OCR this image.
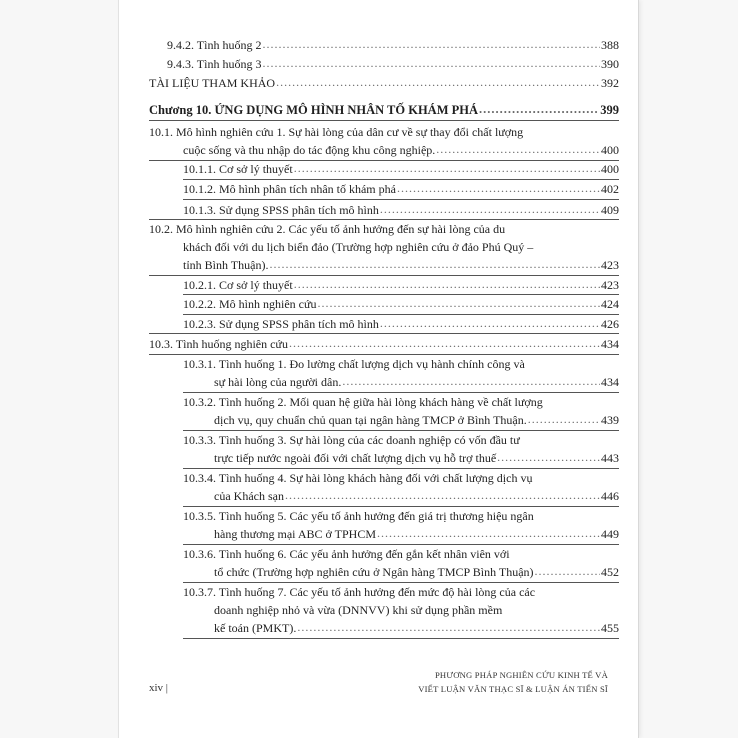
9.4.2. Tình huống 2 .....	388
9.4.3. Tình huống 3 .....	390
TÀI LIỆU THAM KHẢO .....	392
Chương 10. ỨNG DỤNG MÔ HÌNH NHÂN TỐ KHÁM PHÁ .....	399
10.1. Mô hình nghiên cứu 1. Sự hài lòng của dân cư về sự thay đổi chất lượng
cuộc sống và thu nhập do tác động khu công nghiệp. .....	400
10.1.1. Cơ sở lý thuyết .....	400
10.1.2. Mô hình phân tích nhân tố khám phá .....	402
10.1.3. Sử dụng SPSS phân tích mô hình .....	409
10.2. Mô hình nghiên cứu 2. Các yếu tố ảnh hưởng đến sự hài lòng của du
khách đối với du lịch biển đảo (Trường hợp nghiên cứu ở đảo Phú Quý –
tỉnh Bình Thuận). .....	423
10.2.1. Cơ sở lý thuyết .....	423
10.2.2. Mô hình nghiên cứu .....	424
10.2.3. Sử dụng SPSS phân tích mô hình .....	426
10.3. Tình huống nghiên cứu .....	434
10.3.1. Tình huống 1. Đo lường chất lượng dịch vụ hành chính công và
sự hài lòng của người dân. .....	434
10.3.2. Tình huống 2. Mối quan hệ giữa hài lòng khách hàng về chất lượng
dịch vụ, quy chuẩn chủ quan tại ngân hàng TMCP ở Bình Thuận. .....	439
10.3.3. Tình huống 3. Sự hài lòng của các doanh nghiệp có vốn đầu tư
trực tiếp nước ngoài đối với chất lượng dịch vụ hỗ trợ thuế .....	443
10.3.4. Tình huống 4. Sự hài lòng khách hàng đối với chất lượng dịch vụ
của Khách sạn .....	446
10.3.5. Tình huống 5. Các yếu tố ảnh hưởng đến giá trị thương hiệu ngân
hàng thương mại ABC ở TPHCM .....	449
10.3.6. Tình huống 6. Các yếu ảnh hưởng đến gắn kết nhân viên với
tổ chức (Trường hợp nghiên cứu ở Ngân hàng TMCP Bình Thuận) .....	452
10.3.7. Tình huống 7. Các yếu tố ảnh hưởng đến mức độ hài lòng của các
doanh nghiệp nhỏ và vừa (DNNVV) khi sử dụng phần mềm
kế toán (PMKT). .....	455
xiv |
PHƯƠNG PHÁP NGHIÊN CỨU KINH TẾ VÀ
VIẾT LUẬN VĂN THẠC SĨ & LUẬN ÁN TIẾN SĨ
